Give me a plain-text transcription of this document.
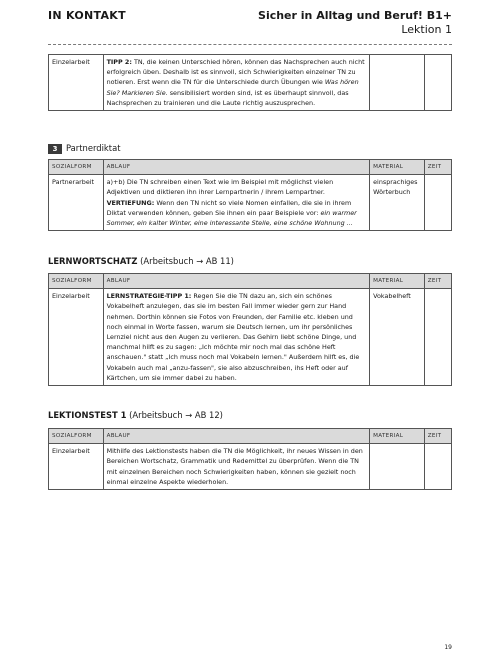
IN KONTAKT	Sicher in Alltag und Beruf! B1+
Lektion 1
Einzelarbeit	TIPP 2: TN, die keinen Unterschied hören, können das Nachsprechen auch nicht erfolgreich üben. Deshalb ist es sinnvoll, sich Schwierigkeiten einzelner TN zu notieren. Erst wenn die TN für die Unterschiede durch Übungen wie Was hören Sie? Markieren Sie. sensibilisiert worden sind, ist es überhaupt sinnvoll, das Nachsprechen zu trainieren und die Laute richtig auszusprechen.		
3 Partnerdiktat
SOZIALFORM	ABLAUF	MATERIAL	ZEIT
Partnerarbeit	a)+b) Die TN schreiben einen Text wie im Beispiel mit möglichst vielen Adjektiven und diktieren ihn ihrer Lernpartnerin / ihrem Lernpartner.
VERTIEFUNG: Wenn den TN nicht so viele Nomen einfallen, die sie in ihrem Diktat verwenden können, geben Sie ihnen ein paar Beispiele vor: ein warmer Sommer, ein kalter Winter, eine interessante Stelle, eine schöne Wohnung ...	einsprachiges Wörterbuch	
LERNWORTSCHATZ (Arbeitsbuch → AB 11)
SOZIALFORM	ABLAUF	MATERIAL	ZEIT
Einzelarbeit	LERNSTRATEGIE-TIPP 1: Regen Sie die TN dazu an, sich ein schönes Vokabelheft anzulegen, das sie im besten Fall immer wieder gern zur Hand nehmen. Dorthin können sie Fotos von Freunden, der Familie etc. kleben und noch einmal in Worte fassen, warum sie Deutsch lernen, um ihr persönliches Lernziel nicht aus den Augen zu verlieren. Das Gehirn liebt schöne Dinge, und manchmal hilft es zu sagen: „Ich möchte mir noch mal das schöne Heft anschauen." statt „Ich muss noch mal Vokabeln lernen." Außerdem hilft es, die Vokabeln auch mal „anzu-fassen", sie also abzuschreiben, ihs Heft oder auf Kärtchen, um sie immer dabei zu haben.	Vokabelheft	
LEKTIONSTEST 1 (Arbeitsbuch → AB 12)
SOZIALFORM	ABLAUF	MATERIAL	ZEIT
Einzelarbeit	Mithilfe des Lektionstests haben die TN die Möglichkeit, ihr neues Wissen in den Bereichen Wortschatz, Grammatik und Redemittel zu überprüfen. Wenn die TN mit einzelnen Bereichen noch Schwierigkeiten haben, können sie gezielt noch einmal einzelne Aspekte wiederholen.		
19
